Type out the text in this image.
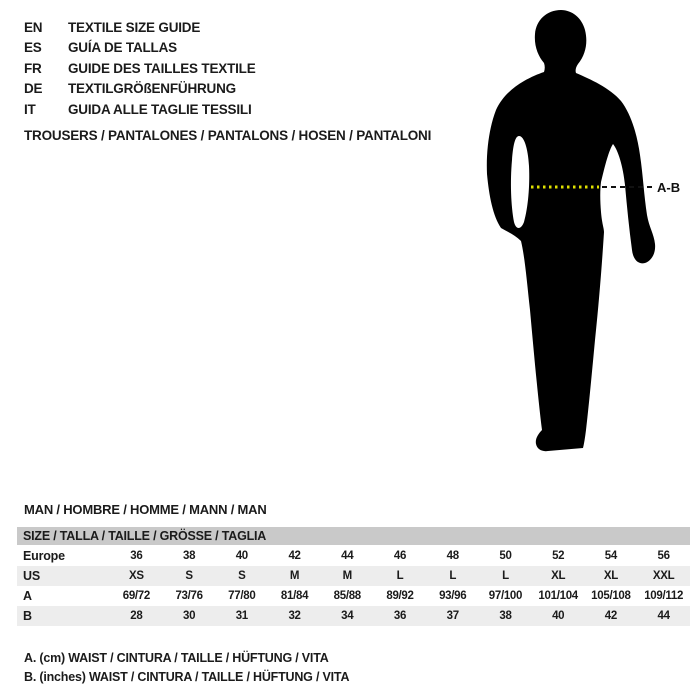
EN	TEXTILE SIZE GUIDE
ES	GUÍA DE TALLAS
FR	GUIDE DES TAILLES TEXTILE
DE	TEXTILGRÖßENFÜHRUNG
IT	GUIDA ALLE TAGLIE TESSILI
TROUSERS / PANTALONES / PANTALONS / HOSEN / PANTALONI
A-B
MAN / HOMBRE / HOMME / MANN / MAN
SIZE / TALLA / TAILLE / GRÖSSE / TAGLIA
Europe	36	38	40	42	44	46	48	50	52	54	56
US	XS	S	S	M	M	L	L	L	XL	XL	XXL
A	69/72	73/76	77/80	81/84	85/88	89/92	93/96	97/100	101/104	105/108	109/112
B	28	30	31	32	34	36	37	38	40	42	44
A. (cm) WAIST / CINTURA / TAILLE / HÜFTUNG / VITA
B. (inches) WAIST / CINTURA / TAILLE / HÜFTUNG / VITA
